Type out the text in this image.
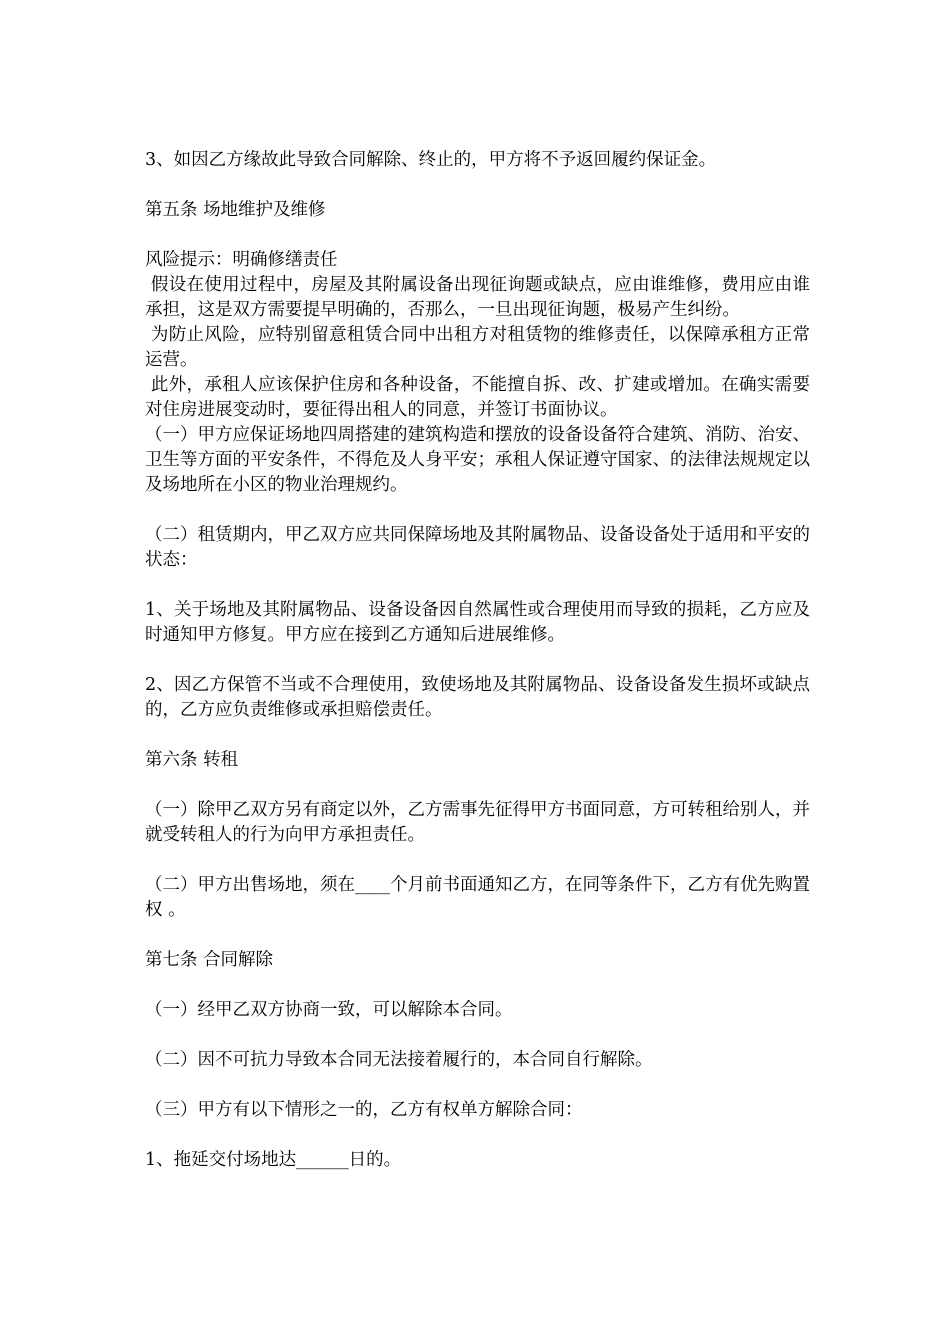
3、如因乙方缘故此导致合同解除、终止的，甲方将不予返回履约保证金。

第五条 场地维护及维修

风险提示：明确修缮责任

假设在使用过程中，房屋及其附属设备出现征询题或缺点，应由谁维修，费用应由谁承担，这是双方需要提早明确的，否那么，一旦出现征询题，极易产生纠纷。

为防止风险，应特别留意租赁合同中出租方对租赁物的维修责任，以保障承租方正常运营。

此外，承租人应该保护住房和各种设备，不能擅自拆、改、扩建或增加。在确实需要对住房进展变动时，要征得出租人的同意，并签订书面协议。

（一）甲方应保证场地四周搭建的建筑构造和摆放的设备设备符合建筑、消防、治安、卫生等方面的平安条件，不得危及人身平安；承租人保证遵守国家、的法律法规规定以及场地所在小区的物业治理规约。

（二）租赁期内，甲乙双方应共同保障场地及其附属物品、设备设备处于适用和平安的状态：

1、关于场地及其附属物品、设备设备因自然属性或合理使用而导致的损耗，乙方应及时通知甲方修复。甲方应在接到乙方通知后进展维修。

2、因乙方保管不当或不合理使用，致使场地及其附属物品、设备设备发生损坏或缺点的，乙方应负责维修或承担赔偿责任。

第六条 转租

（一）除甲乙双方另有商定以外，乙方需事先征得甲方书面同意，方可转租给别人，并就受转租人的行为向甲方承担责任。

（二）甲方出售场地，须在____个月前书面通知乙方，在同等条件下，乙方有优先购置权 。

第七条 合同解除

（一）经甲乙双方协商一致，可以解除本合同。

（二）因不可抗力导致本合同无法接着履行的，本合同自行解除。

（三）甲方有以下情形之一的，乙方有权单方解除合同：

1、拖延交付场地达______日的。
